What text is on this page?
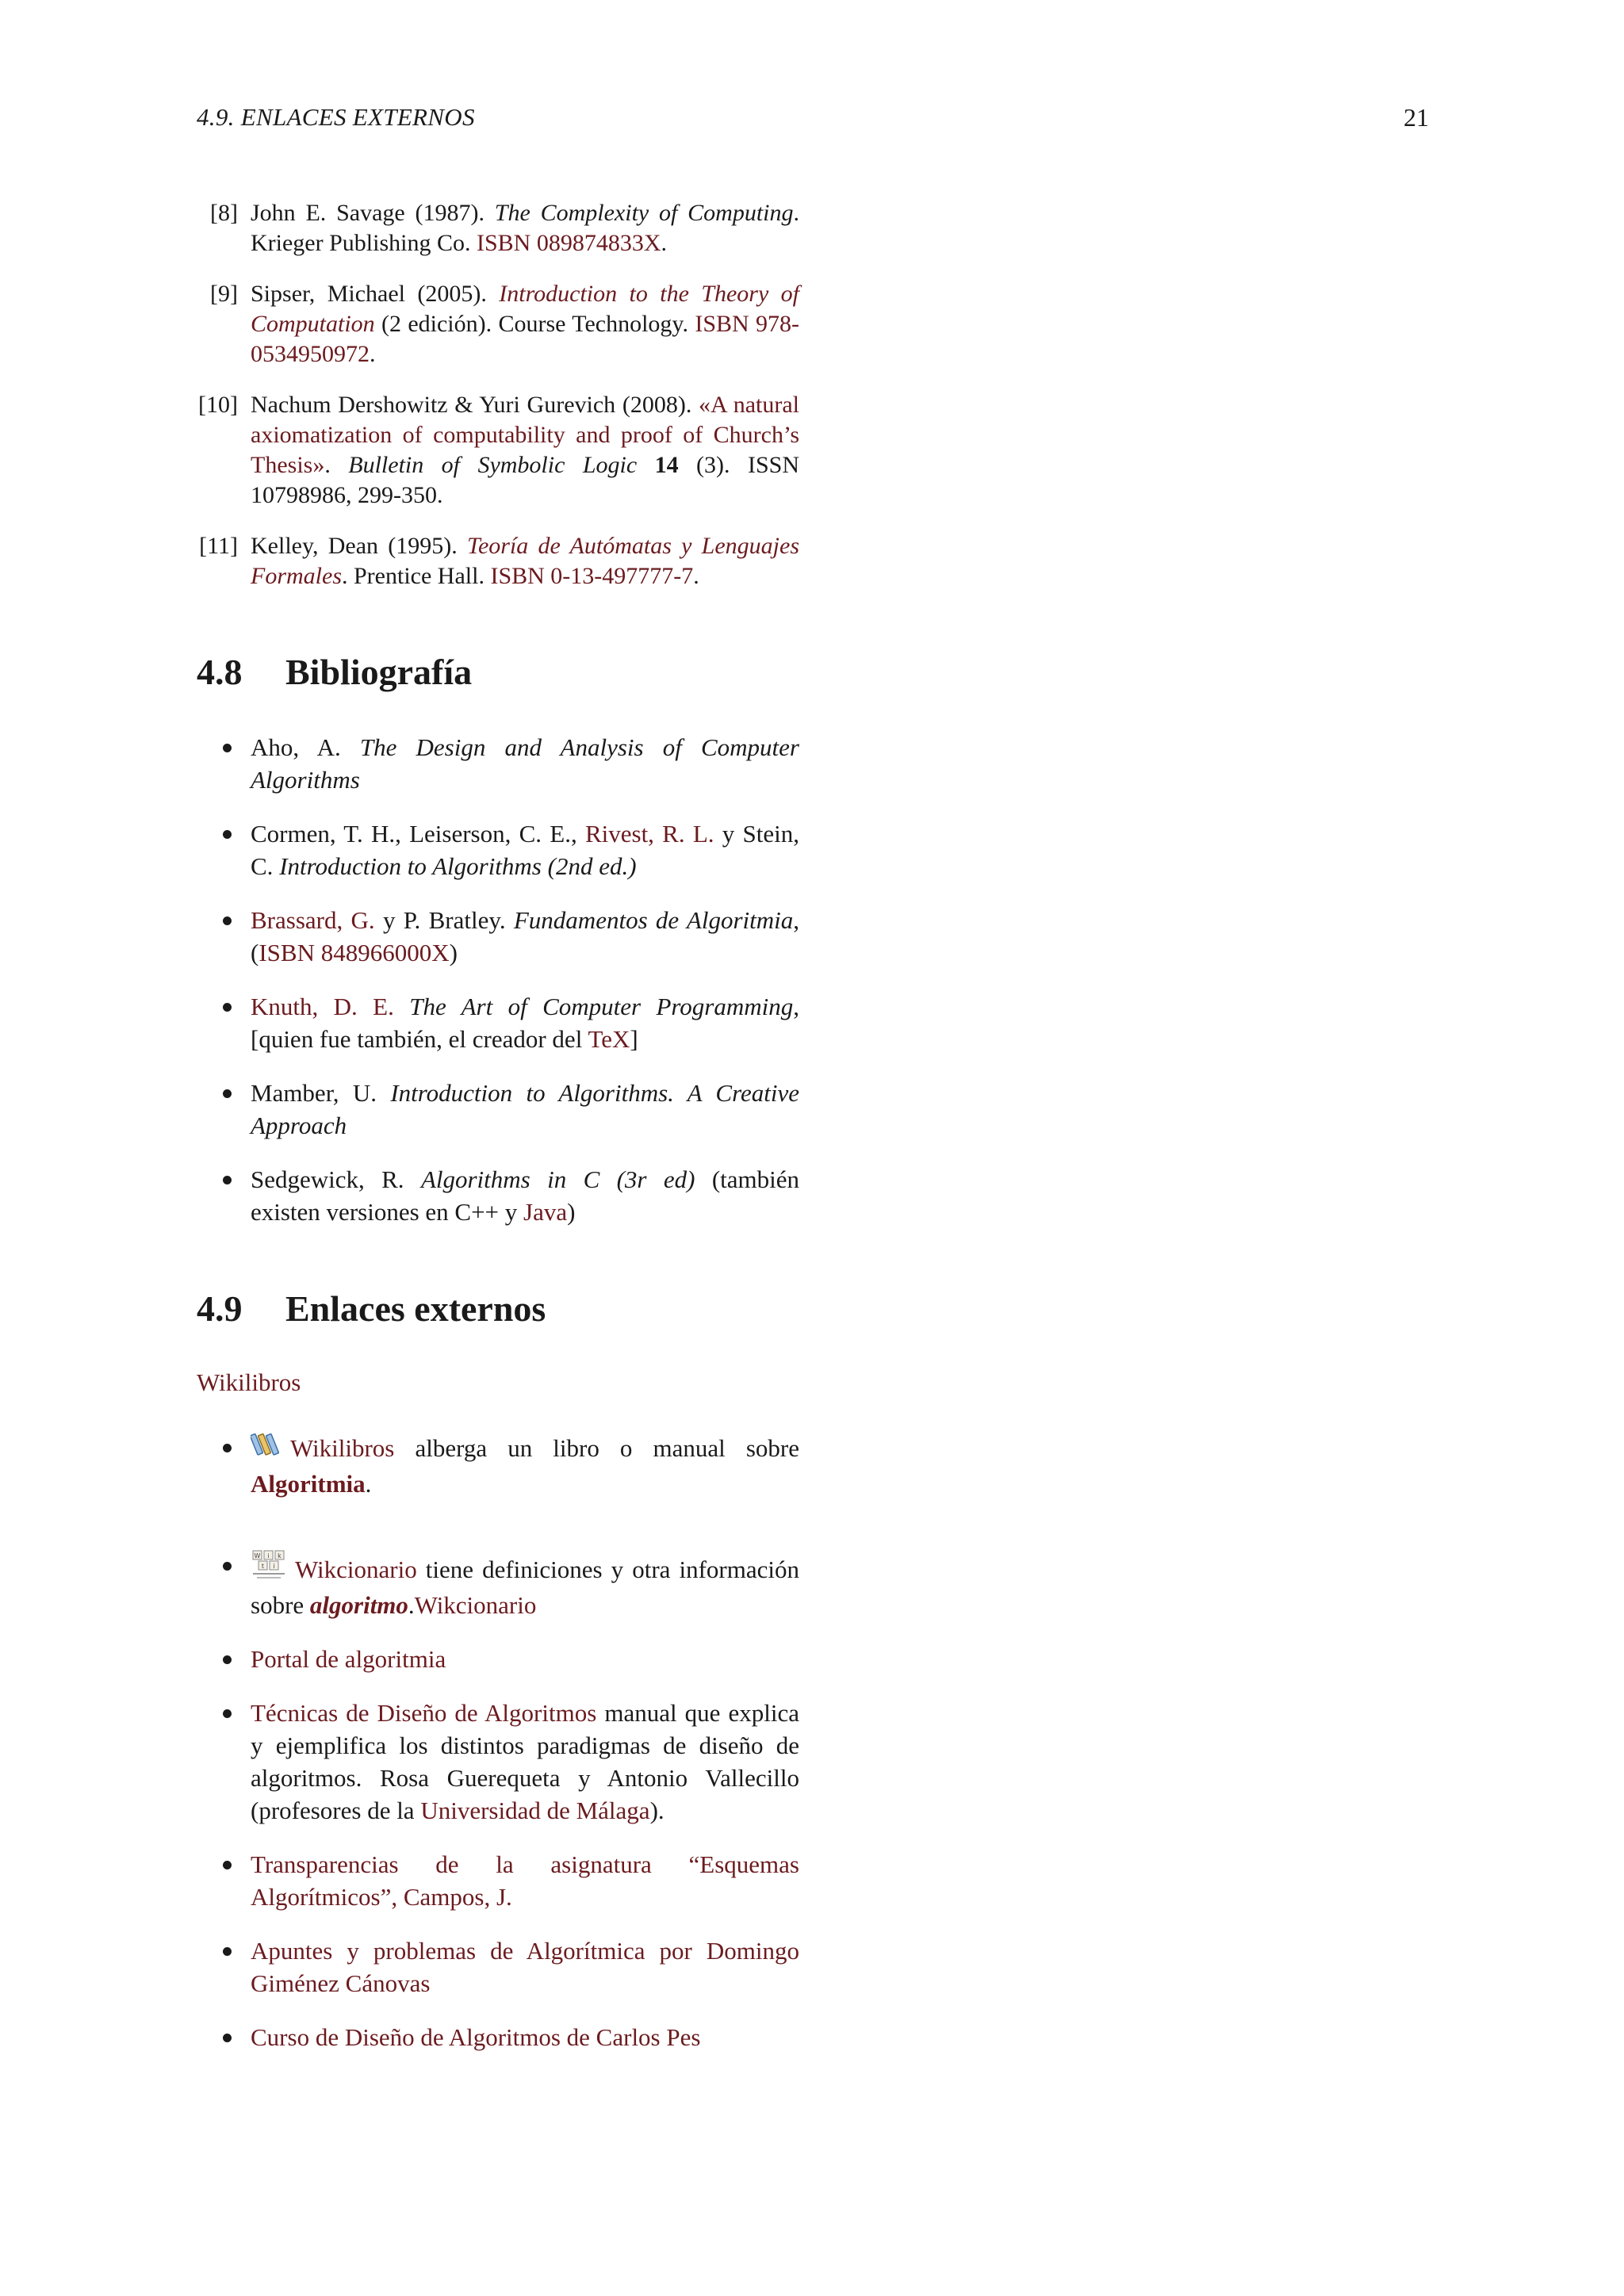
4.9. ENLACES EXTERNOS	21
[8] John E. Savage (1987). The Complexity of Computing. Krieger Publishing Co. ISBN 089874833X.
[9] Sipser, Michael (2005). Introduction to the Theory of Computation (2 edición). Course Technology. ISBN 978-0534950972.
[10] Nachum Dershowitz & Yuri Gurevich (2008). «A natural axiomatization of computability and proof of Church’s Thesis». Bulletin of Symbolic Logic 14 (3). ISSN 10798986, 299-350.
[11] Kelley, Dean (1995). Teoría de Autómatas y Lenguajes Formales. Prentice Hall. ISBN 0-13-497777-7.
4.8 Bibliografía
Aho, A. The Design and Analysis of Computer Algorithms
Cormen, T. H., Leiserson, C. E., Rivest, R. L. y Stein, C. Introduction to Algorithms (2nd ed.)
Brassard, G. y P. Bratley. Fundamentos de Algoritmia, (ISBN 848966000X)
Knuth, D. E. The Art of Computer Programming, [quien fue también, el creador del TeX]
Mamber, U. Introduction to Algorithms. A Creative Approach
Sedgewick, R. Algorithms in C (3r ed) (también existen versiones en C++ y Java)
4.9 Enlaces externos
Wikilibros
Wikilibros alberga un libro o manual sobre Algoritmia.
W i k
t i Wikcionario tiene definiciones y otra información sobre algoritmo.Wikcionario
Portal de algoritmia
Técnicas de Diseño de Algoritmos manual que explica y ejemplifica los distintos paradigmas de diseño de algoritmos. Rosa Guerequeta y Antonio Vallecillo (profesores de la Universidad de Málaga).
Transparencias de la asignatura “Esquemas Algorítmicos”, Campos, J.
Apuntes y problemas de Algorítmica por Domingo Giménez Cánovas
Curso de Diseño de Algoritmos de Carlos Pes
